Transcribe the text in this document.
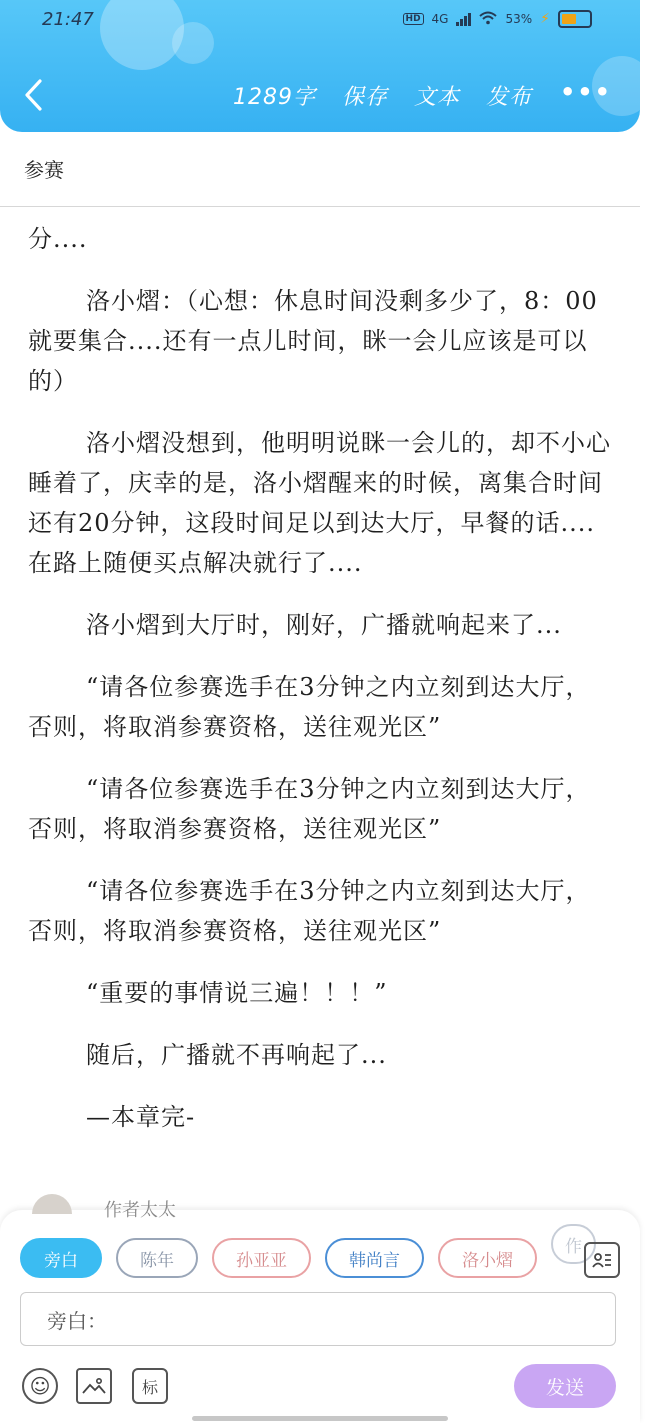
21:47	HD 4G	53% ⚡
1289字 保存 文本 发布 •••
参赛

分....

洛小熠：（心想：休息时间没剩多少了，8：00就要集合....还有一点儿时间，眯一会儿应该是可以的）

洛小熠没想到，他明明说眯一会儿的，却不小心睡着了，庆幸的是，洛小熠醒来的时候，离集合时间还有20分钟，这段时间足以到达大厅，早餐的话....在路上随便买点解决就行了....

洛小熠到大厅时，刚好，广播就响起来了...

“请各位参赛选手在3分钟之内立刻到达大厅，否则，将取消参赛资格，送往观光区”

“请各位参赛选手在3分钟之内立刻到达大厅，否则，将取消参赛资格，送往观光区”

“请各位参赛选手在3分钟之内立刻到达大厅，否则，将取消参赛资格，送往观光区”

“重要的事情说三遍！！！”

随后，广播就不再响起了...

—本章完-

作者太太
旁白	陈年	孙亚亚	韩尚言	洛小熠
作
旁白：
☺	标	发送
